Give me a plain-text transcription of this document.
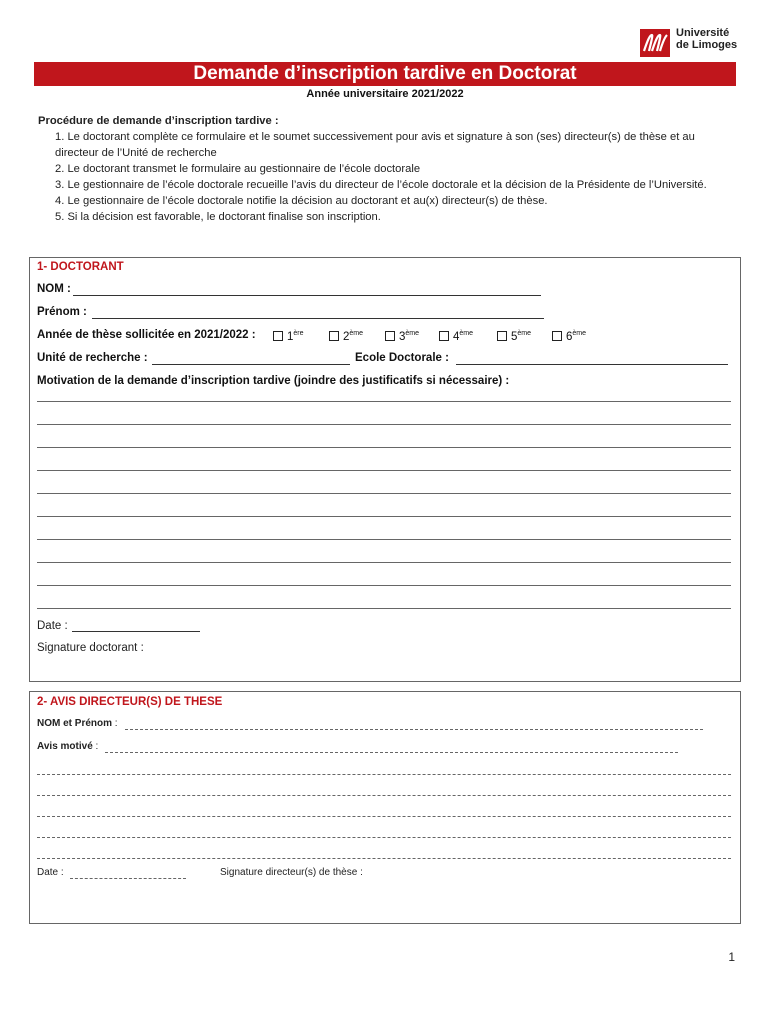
Université
de Limoges
Demande d’inscription tardive en Doctorat
Année universitaire 2021/2022
Procédure de demande d’inscription tardive :
1. Le doctorant complète ce formulaire et le soumet successivement pour avis et signature à son (ses) directeur(s) de thèse et au directeur de l’Unité de recherche
2. Le doctorant transmet le formulaire au gestionnaire de l’école doctorale
3. Le gestionnaire de l’école doctorale recueille l’avis du directeur de l’école doctorale et la décision de la Présidente de l’Université.
4. Le gestionnaire de l’école doctorale notifie la décision au doctorant et au(x) directeur(s) de thèse.
5. Si la décision est favorable, le doctorant finalise son inscription.
1- DOCTORANT
NOM :
Prénom :
Année de thèse sollicitée en 2021/2022 :	1ère	2ème	3ème	4ème	5ème	6ème
Unité de recherche :	Ecole Doctorale :
Motivation de la demande d’inscription tardive (joindre des justificatifs si nécessaire) :
Date :
Signature doctorant :
2- AVIS DIRECTEUR(S) DE THESE
NOM et Prénom :
Avis motivé :
Date :	Signature directeur(s) de thèse :
1
